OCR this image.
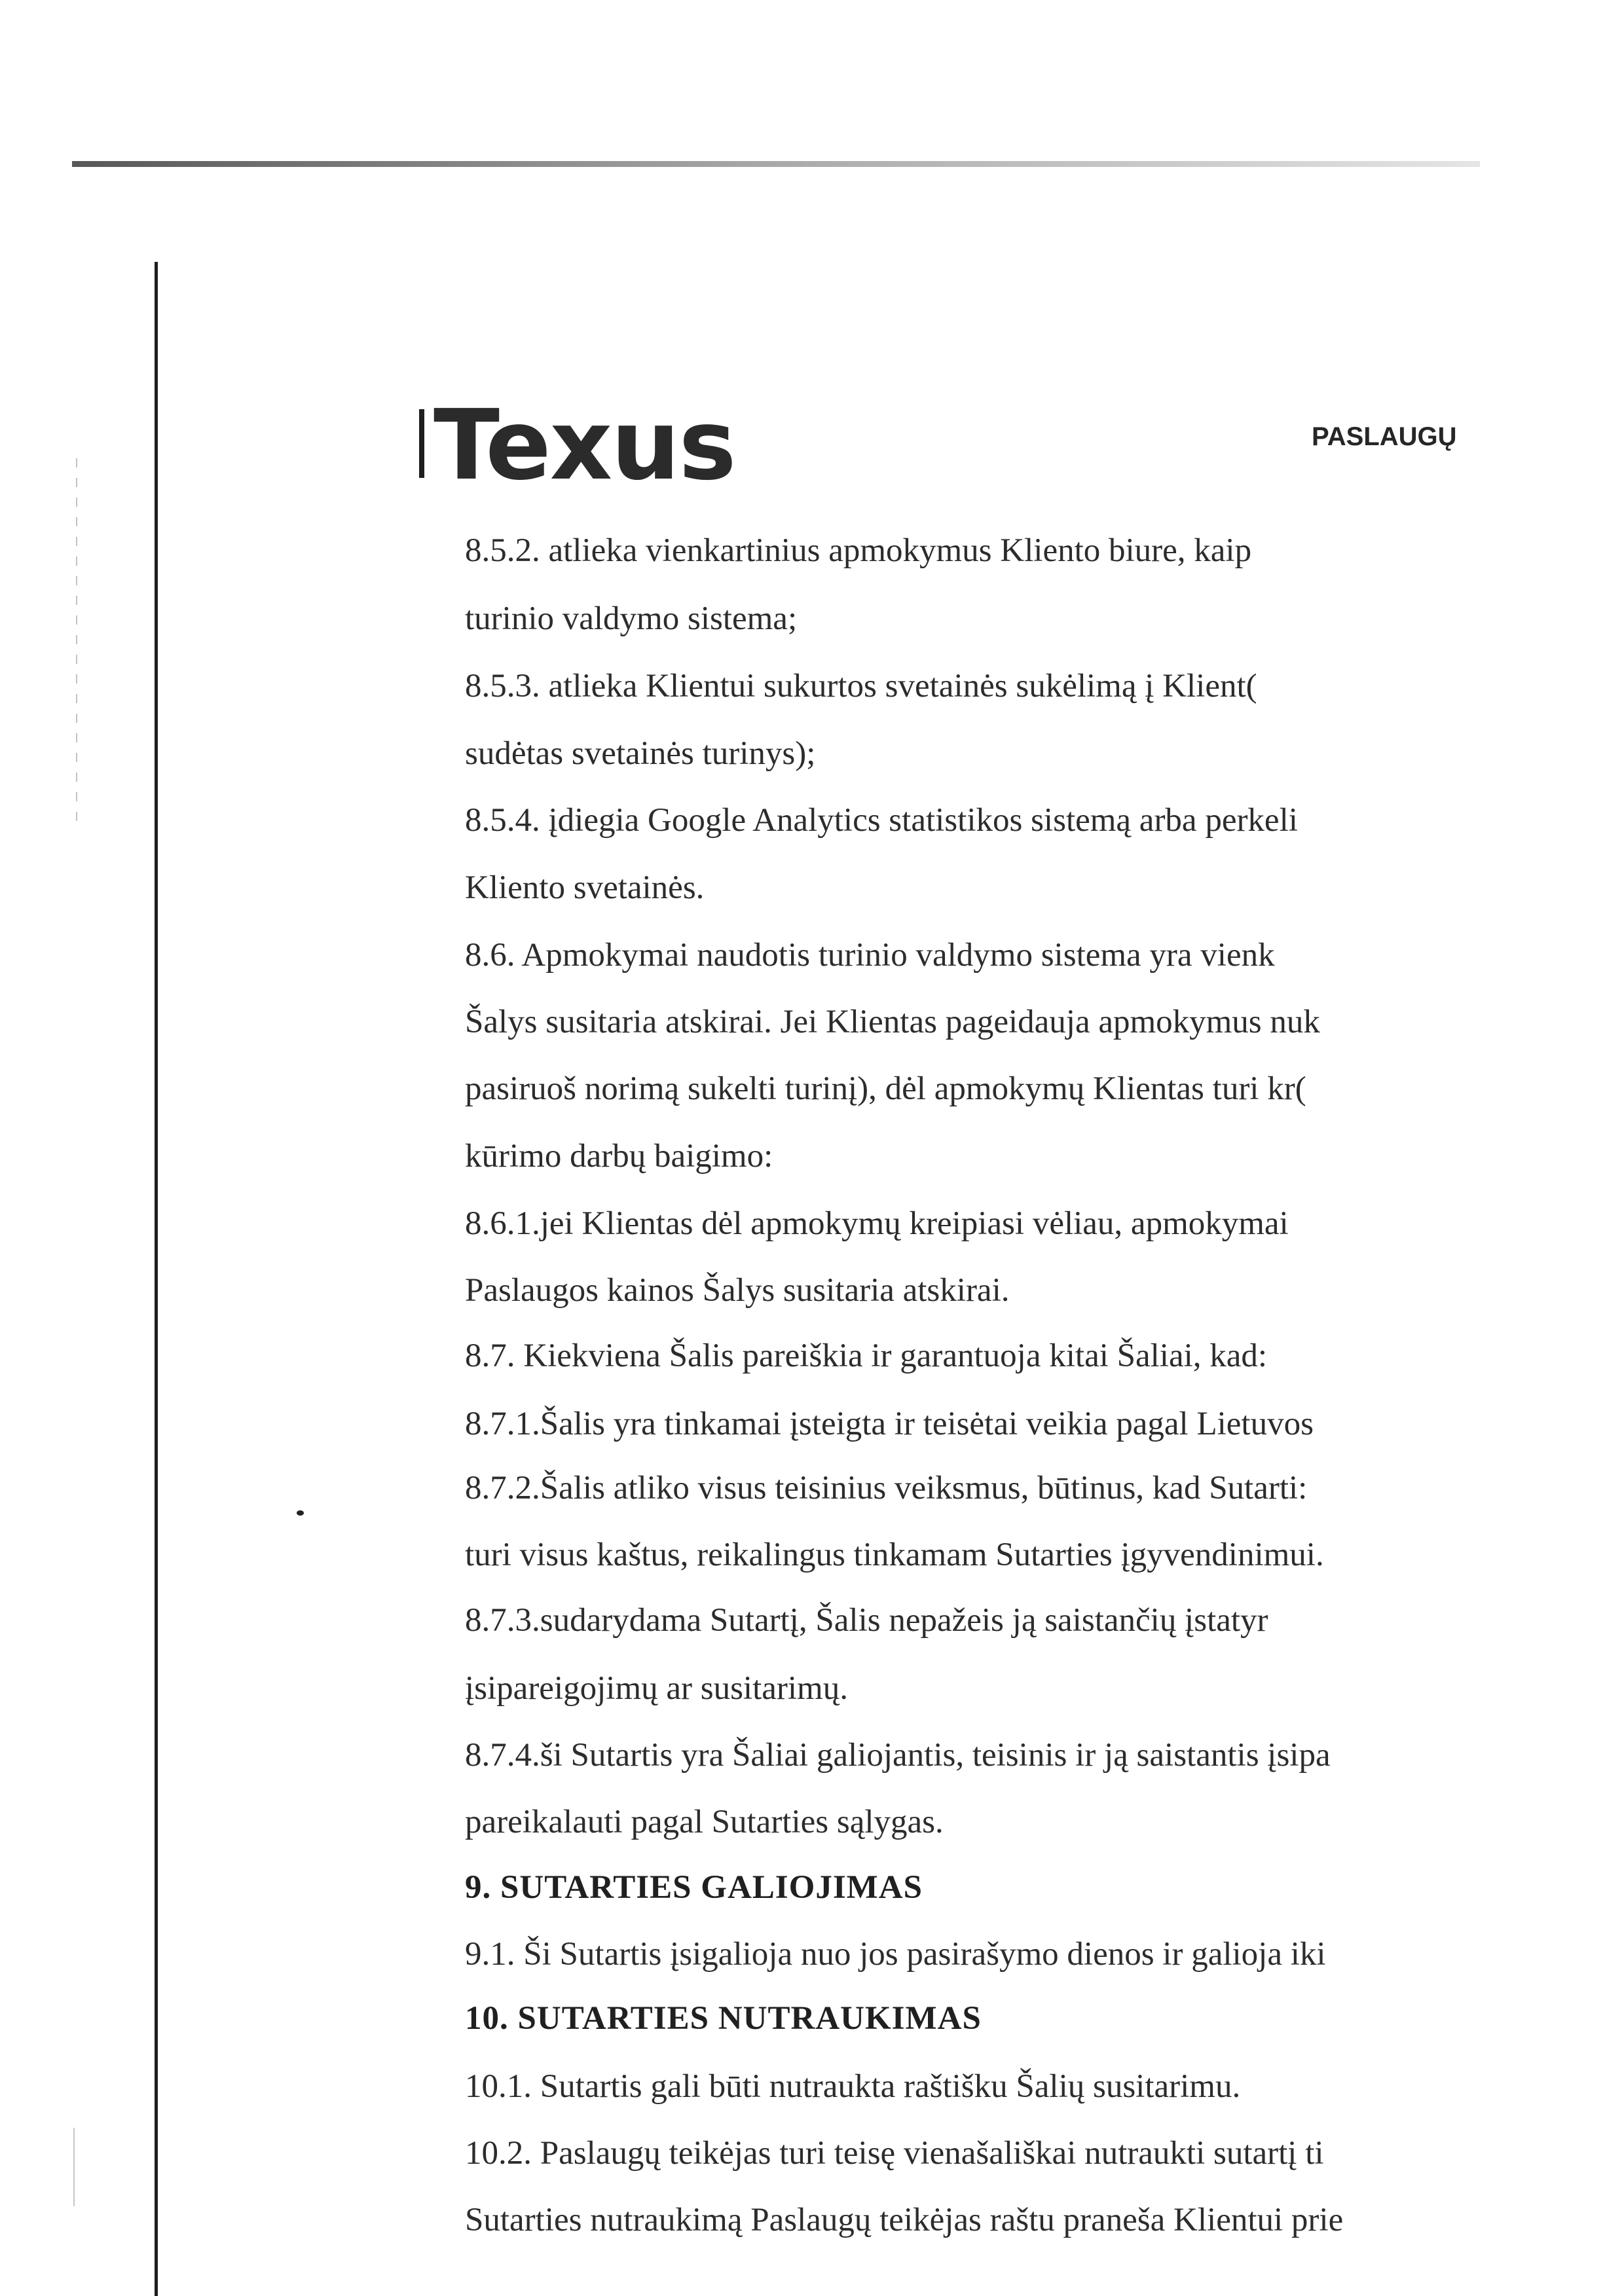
Texus	PASLAUGŲ
8.5.2. atlieka vienkartinius apmokymus Kliento biure, kaip
turinio valdymo sistema;
8.5.3. atlieka Klientui sukurtos svetainės sukėlimą į Klient(
sudėtas svetainės turinys);
8.5.4. įdiegia Google Analytics statistikos sistemą arba perkeli
Kliento svetainės.
8.6. Apmokymai naudotis turinio valdymo sistema yra vienk
Šalys susitaria atskirai. Jei Klientas pageidauja apmokymus nuk
pasiruoš norimą sukelti turinį), dėl apmokymų Klientas turi kr(
kūrimo darbų baigimo:
8.6.1.jei Klientas dėl apmokymų kreipiasi vėliau, apmokymai
Paslaugos kainos Šalys susitaria atskirai.
8.7. Kiekviena Šalis pareiškia ir garantuoja kitai Šaliai, kad:
8.7.1.Šalis yra tinkamai įsteigta ir teisėtai veikia pagal Lietuvos
8.7.2.Šalis atliko visus teisinius veiksmus, būtinus, kad Sutarti:
turi visus kaštus, reikalingus tinkamam Sutarties įgyvendinimui.
8.7.3.sudarydama Sutartį, Šalis nepažeis ją saistančių įstatyr
įsipareigojimų ar susitarimų.
8.7.4.ši Sutartis yra Šaliai galiojantis, teisinis ir ją saistantis įsipa
pareikalauti pagal Sutarties sąlygas.
9. SUTARTIES GALIOJIMAS
9.1. Ši Sutartis įsigalioja nuo jos pasirašymo dienos ir galioja iki
10. SUTARTIES NUTRAUKIMAS
10.1. Sutartis gali būti nutraukta raštišku Šalių susitarimu.
10.2. Paslaugų teikėjas turi teisę vienašališkai nutraukti sutartį ti
Sutarties nutraukimą Paslaugų teikėjas raštu praneša Klientui prie
